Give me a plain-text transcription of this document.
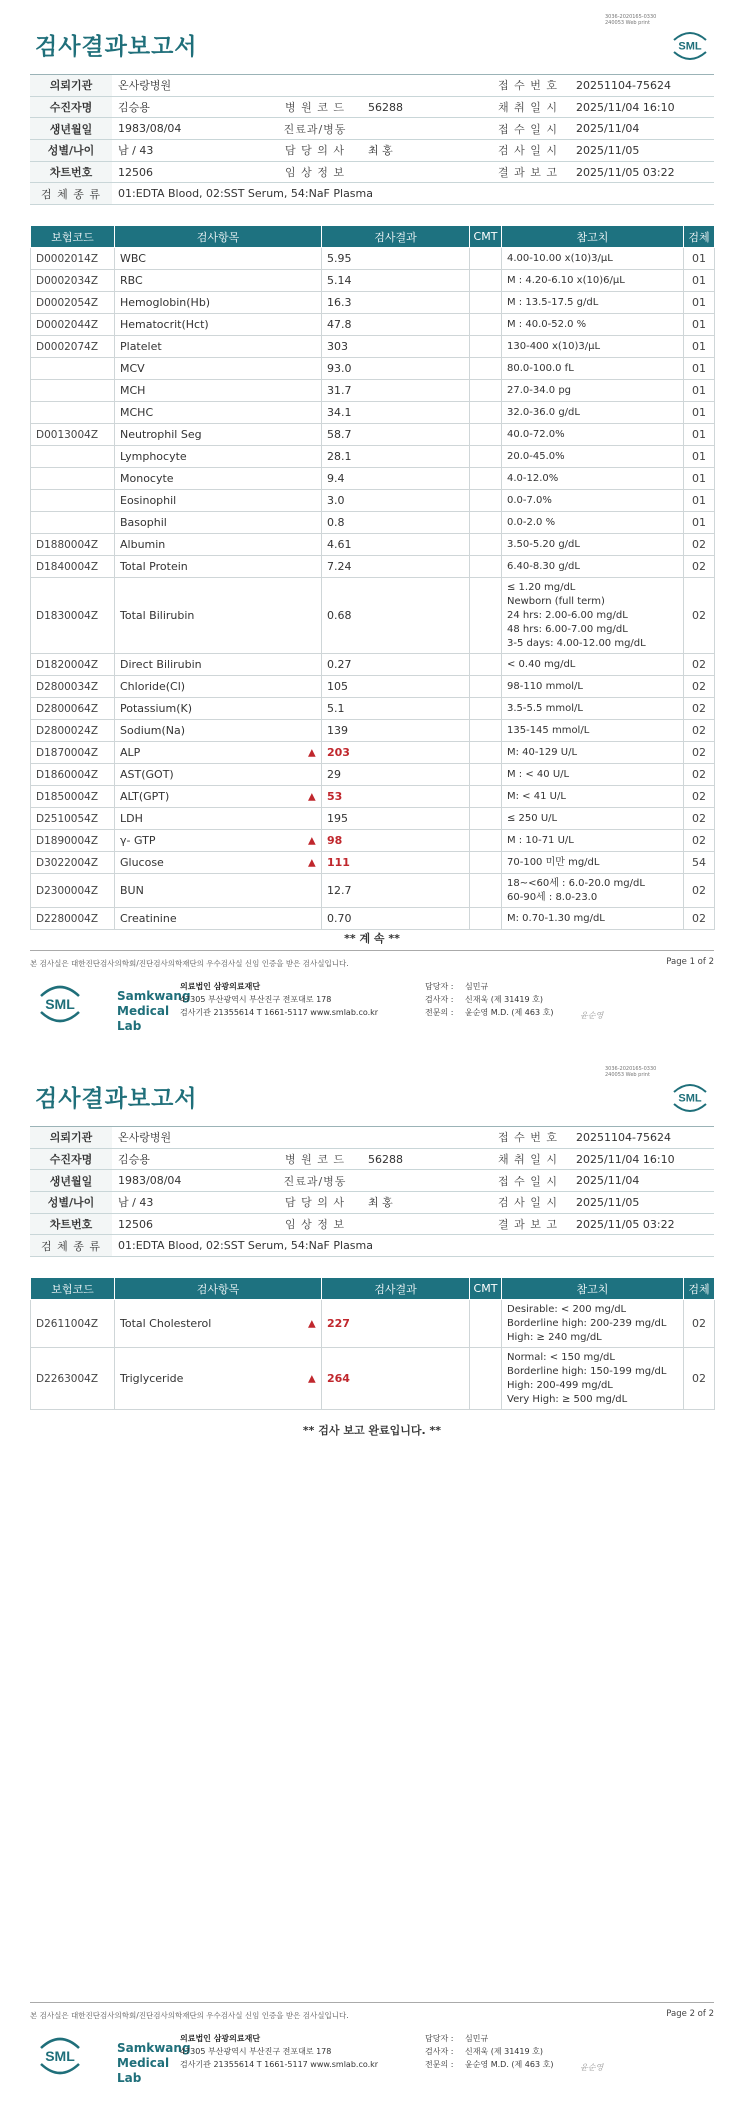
3036-2020165-0330
240053 Web print
검사결과보고서	SML
의뢰기관	온사랑병원			접 수 번 호	20251104-75624
수진자명	김승용	병 원 코 드	56288	채 취 일 시	2025/11/04 16:10
생년월일	1983/08/04	진료과/병동		접 수 일 시	2025/11/04
성별/나이	남 / 43	담 당 의 사	최 홍	검 사 일 시	2025/11/05
차트번호	12506	임 상 정 보		결 과 보 고	2025/11/05 03:22
검 체 종 류	01:EDTA Blood, 02:SST Serum, 54:NaF Plasma				
보험코드	검사항목	검사결과	CMT	참고치	검체
D0002014Z	WBC	5.95		4.00-10.00 x(10)3/μL	01
D0002034Z	RBC	5.14		M : 4.20-6.10 x(10)6/μL	01
D0002054Z	Hemoglobin(Hb)	16.3		M : 13.5-17.5 g/dL	01
D0002044Z	Hematocrit(Hct)	47.8		M : 40.0-52.0 %	01
D0002074Z	Platelet	303		130-400 x(10)3/μL	01
	MCV	93.0		80.0-100.0 fL	01
	MCH	31.7		27.0-34.0 pg	01
	MCHC	34.1		32.0-36.0 g/dL	01
D0013004Z	Neutrophil Seg	58.7		40.0-72.0%	01
	Lymphocyte	28.1		20.0-45.0%	01
	Monocyte	9.4		4.0-12.0%	01
	Eosinophil	3.0		0.0-7.0%	01
	Basophil	0.8		0.0-2.0 %	01
D1880004Z	Albumin	4.61		3.50-5.20 g/dL	02
D1840004Z	Total Protein	7.24		6.40-8.30 g/dL	02
D1830004Z	Total Bilirubin	0.68		≤ 1.20 mg/dL
Newborn (full term)
24 hrs: 2.00-6.00 mg/dL
48 hrs: 6.00-7.00 mg/dL
3-5 days: 4.00-12.00 mg/dL	02
D1820004Z	Direct Bilirubin	0.27		< 0.40 mg/dL	02
D2800034Z	Chloride(Cl)	105		98-110 mmol/L	02
D2800064Z	Potassium(K)	5.1		3.5-5.5 mmol/L	02
D2800024Z	Sodium(Na)	139		135-145 mmol/L	02
D1870004Z	ALP	▲ 203		M: 40-129 U/L	02
D1860004Z	AST(GOT)	29		M : < 40 U/L	02
D1850004Z	ALT(GPT)	▲ 53		M: < 41 U/L	02
D2510054Z	LDH	195		≤ 250 U/L	02
D1890004Z	γ- GTP	▲ 98		M : 10-71 U/L	02
D3022004Z	Glucose	▲ 111		70-100 미만 mg/dL	54
D2300004Z	BUN	12.7		18~<60세 : 6.0-20.0 mg/dL
60-90세 : 8.0-23.0	02
D2280004Z	Creatinine	0.70		M: 0.70-1.30 mg/dL	02
** 계 속 **
본 검사실은 대한진단검사의학회/진단검사의학재단의 우수검사실 신임 인증을 받은 검사실입니다.	Page 1 of 2
SML	Samkwang
Medical Lab
의료법인 삼광의료재단
47305 부산광역시 부산진구 전포대로 178
검사기관 21355614 T 1661-5117 www.smlab.co.kr
담당자 : 심민규
검사자 : 신재욱 (제 31419 호)
전문의 : 윤순영 M.D. (제 463 호)	윤순영
3036-2020165-0330
240053 Web print
검사결과보고서	SML
의뢰기관	온사랑병원			접 수 번 호	20251104-75624
수진자명	김승용	병 원 코 드	56288	채 취 일 시	2025/11/04 16:10
생년월일	1983/08/04	진료과/병동		접 수 일 시	2025/11/04
성별/나이	남 / 43	담 당 의 사	최 홍	검 사 일 시	2025/11/05
차트번호	12506	임 상 정 보		결 과 보 고	2025/11/05 03:22
검 체 종 류	01:EDTA Blood, 02:SST Serum, 54:NaF Plasma				
보험코드	검사항목	검사결과	CMT	참고치	검체
D2611004Z	Total Cholesterol	▲ 227		Desirable: < 200 mg/dL
Borderline high: 200-239 mg/dL
High: ≥ 240 mg/dL	02
D2263004Z	Triglyceride	▲ 264		Normal: < 150 mg/dL
Borderline high: 150-199 mg/dL
High: 200-499 mg/dL
Very High: ≥ 500 mg/dL	02
** 검사 보고 완료입니다. **
본 검사실은 대한진단검사의학회/진단검사의학재단의 우수검사실 신임 인증을 받은 검사실입니다.	Page 2 of 2
SML	Samkwang
Medical Lab
의료법인 삼광의료재단
47305 부산광역시 부산진구 전포대로 178
검사기관 21355614 T 1661-5117 www.smlab.co.kr
담당자 : 심민규
검사자 : 신재욱 (제 31419 호)
전문의 : 윤순영 M.D. (제 463 호)	윤순영
